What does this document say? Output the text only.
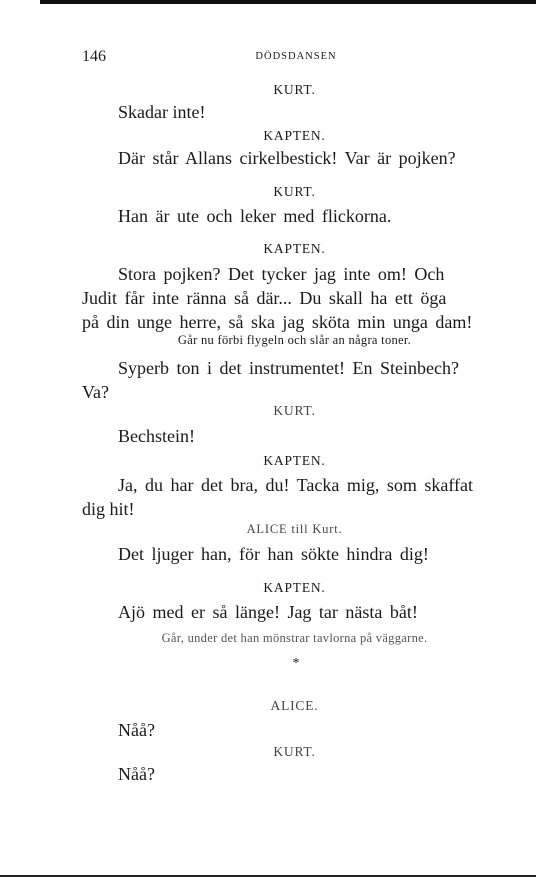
146	DÖDSDANSEN
KURT.

Skadar inte!

KAPTEN.

Där står Allans cirkelbestick! Var är pojken?

KURT.

Han är ute och leker med flickorna.

KAPTEN.

Stora pojken? Det tycker jag inte om! Och

Judit får inte ränna så där... Du skall ha ett öga

på din unge herre, så ska jag sköta min unga dam!

Går nu förbi flygeln och slår an några toner.

Syperb ton i det instrumentet! En Steinbech?

Va?

KURT.

Bechstein!

KAPTEN.

Ja, du har det bra, du! Tacka mig, som skaffat

dig hit!

ALICE till Kurt.

Det ljuger han, för han sökte hindra dig!

KAPTEN.

Ajö med er så länge! Jag tar nästa båt!

Går, under det han mönstrar tavlorna på väggarne.
*
ALICE.

Nåå?

KURT.

Nåå?
